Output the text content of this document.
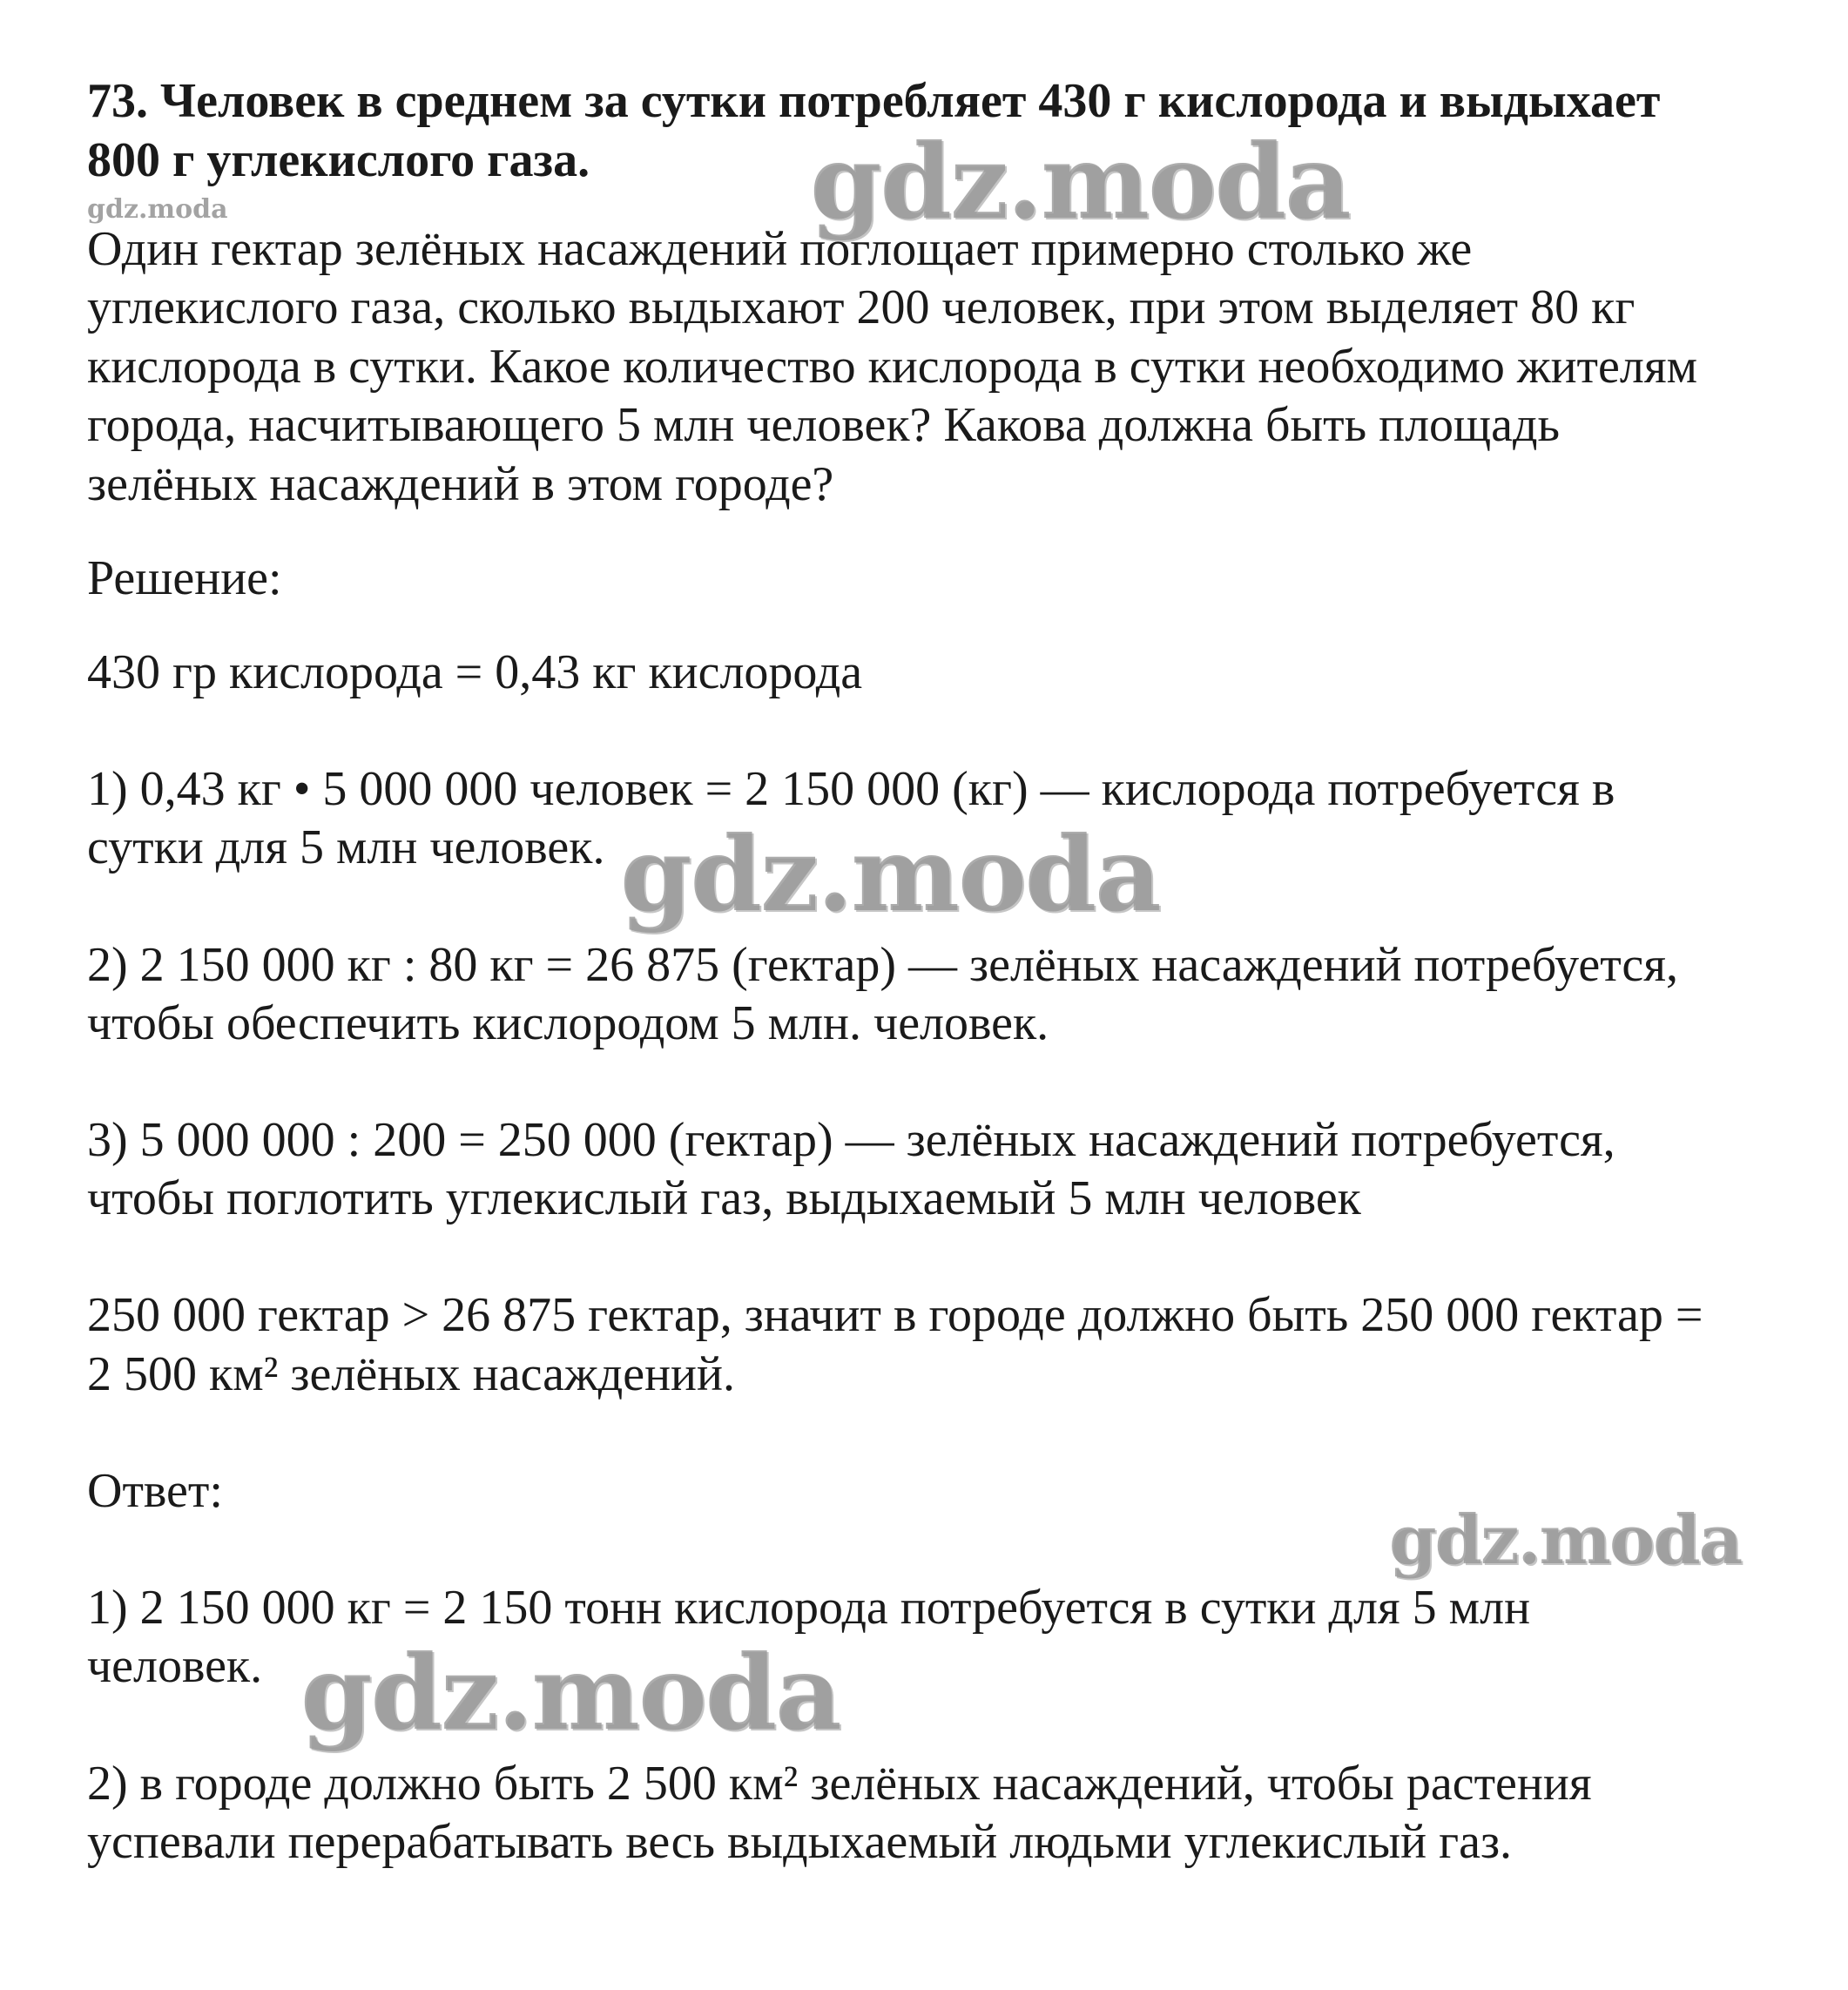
73. Человек в среднем за сутки потребляет 430 г кислорода и выдыхает
800 г углекислого газа.
Один гектар зелёных насаждений поглощает примерно столько же
углекислого газа, сколько выдыхают 200 человек, при этом выделяет 80 кг
кислорода в сутки. Какое количество кислорода в сутки необходимо жителям
города, насчитывающего 5 млн человек? Какова должна быть площадь
зелёных насаждений в этом городе?
Решение:
430 гр кислорода = 0,43 кг кислорода
1) 0,43 кг • 5 000 000 человек = 2 150 000 (кг) — кислорода потребуется в
сутки для 5 млн человек.
2) 2 150 000 кг : 80 кг = 26 875 (гектар) — зелёных насаждений потребуется,
чтобы обеспечить кислородом 5 млн. человек.
3) 5 000 000 : 200 = 250 000 (гектар) — зелёных насаждений потребуется,
чтобы поглотить углекислый газ, выдыхаемый 5 млн человек
250 000 гектар > 26 875 гектар, значит в городе должно быть 250 000 гектар =
2 500 км² зелёных насаждений.
Ответ:
1) 2 150 000 кг = 2 150 тонн кислорода потребуется в сутки для 5 млн
человек.
2) в городе должно быть 2 500 км² зелёных насаждений, чтобы растения
успевали перерабатывать весь выдыхаемый людьми углекислый газ.
gdz.moda	gdz.moda
gdz.moda
gdz.moda
gdz.moda
